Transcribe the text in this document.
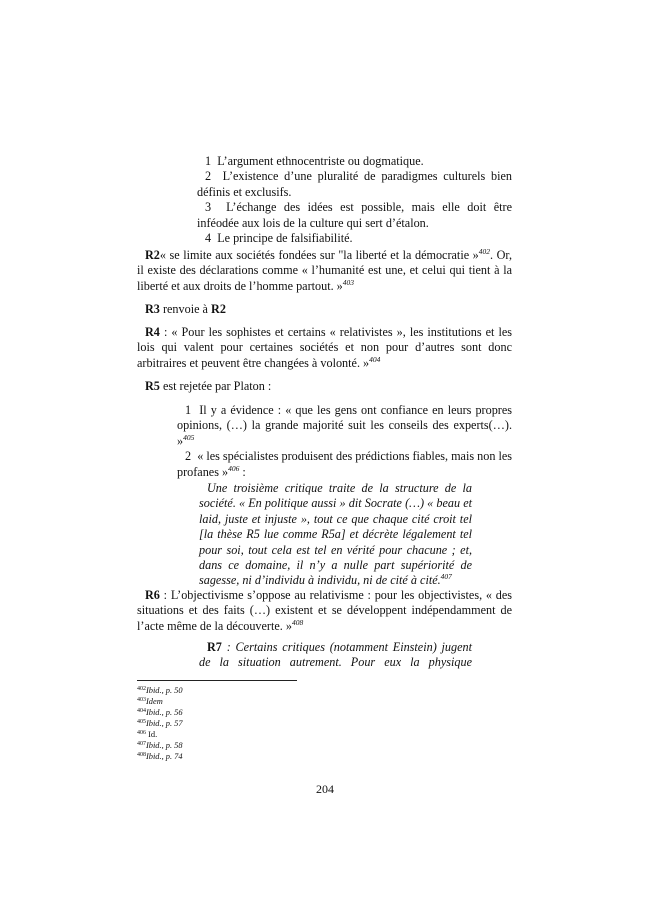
1 L’argument ethnocentriste ou dogmatique.
2 L’existence d’une pluralité de paradigmes culturels bien définis et exclusifs.
3 L’échange des idées est possible, mais elle doit être inféodée aux lois de la culture qui sert d’étalon.
4 Le principe de falsifiabilité.
R2« se limite aux sociétés fondées sur "la liberté et la démocratie »$^{402}$. Or, il existe des déclarations comme « l’humanité est une, et celui qui tient à la liberté et aux droits de l’homme partout. »$^{403}$
R3 renvoie à R2
R4 : « Pour les sophistes et certains « relativistes », les institutions et les lois qui valent pour certaines sociétés et non pour d’autres sont donc arbitraires et peuvent être changées à volonté. »$^{404}$
R5 est rejetée par Platon :
1 Il y a évidence : « que les gens ont confiance en leurs propres opinions, (…) la grande majorité suit les conseils des experts(…). »$^{405}$
2 « les spécialistes produisent des prédictions fiables, mais non les profanes »$^{406}$ :
Une troisième critique traite de la structure de la société. « En politique aussi » dit Socrate (…) « beau et laid, juste et injuste », tout ce que chaque cité croit tel [la thèse R5 lue comme R5a] et décrète légalement tel pour soi, tout cela est tel en vérité pour chacune ; et, dans ce domaine, il n’y a nulle part supériorité de sagesse, ni d’individu à individu, ni de cité à cité.$^{407}$
R6 : L’objectivisme s’oppose au relativisme : pour les objectivistes, « des situations et des faits (…) existent et se développent indépendamment de l’acte même de la découverte. »$^{408}$
R7 : Certains critiques (notamment Einstein) jugent de la situation autrement. Pour eux la physique
$^{402}$Ibid., p. 50
$^{403}$Idem
$^{404}$Ibid., p. 56
$^{405}$Ibid., p. 57
$^{406}$ Id.
$^{407}$Ibid., p. 58
$^{408}$Ibid., p. 74
204
